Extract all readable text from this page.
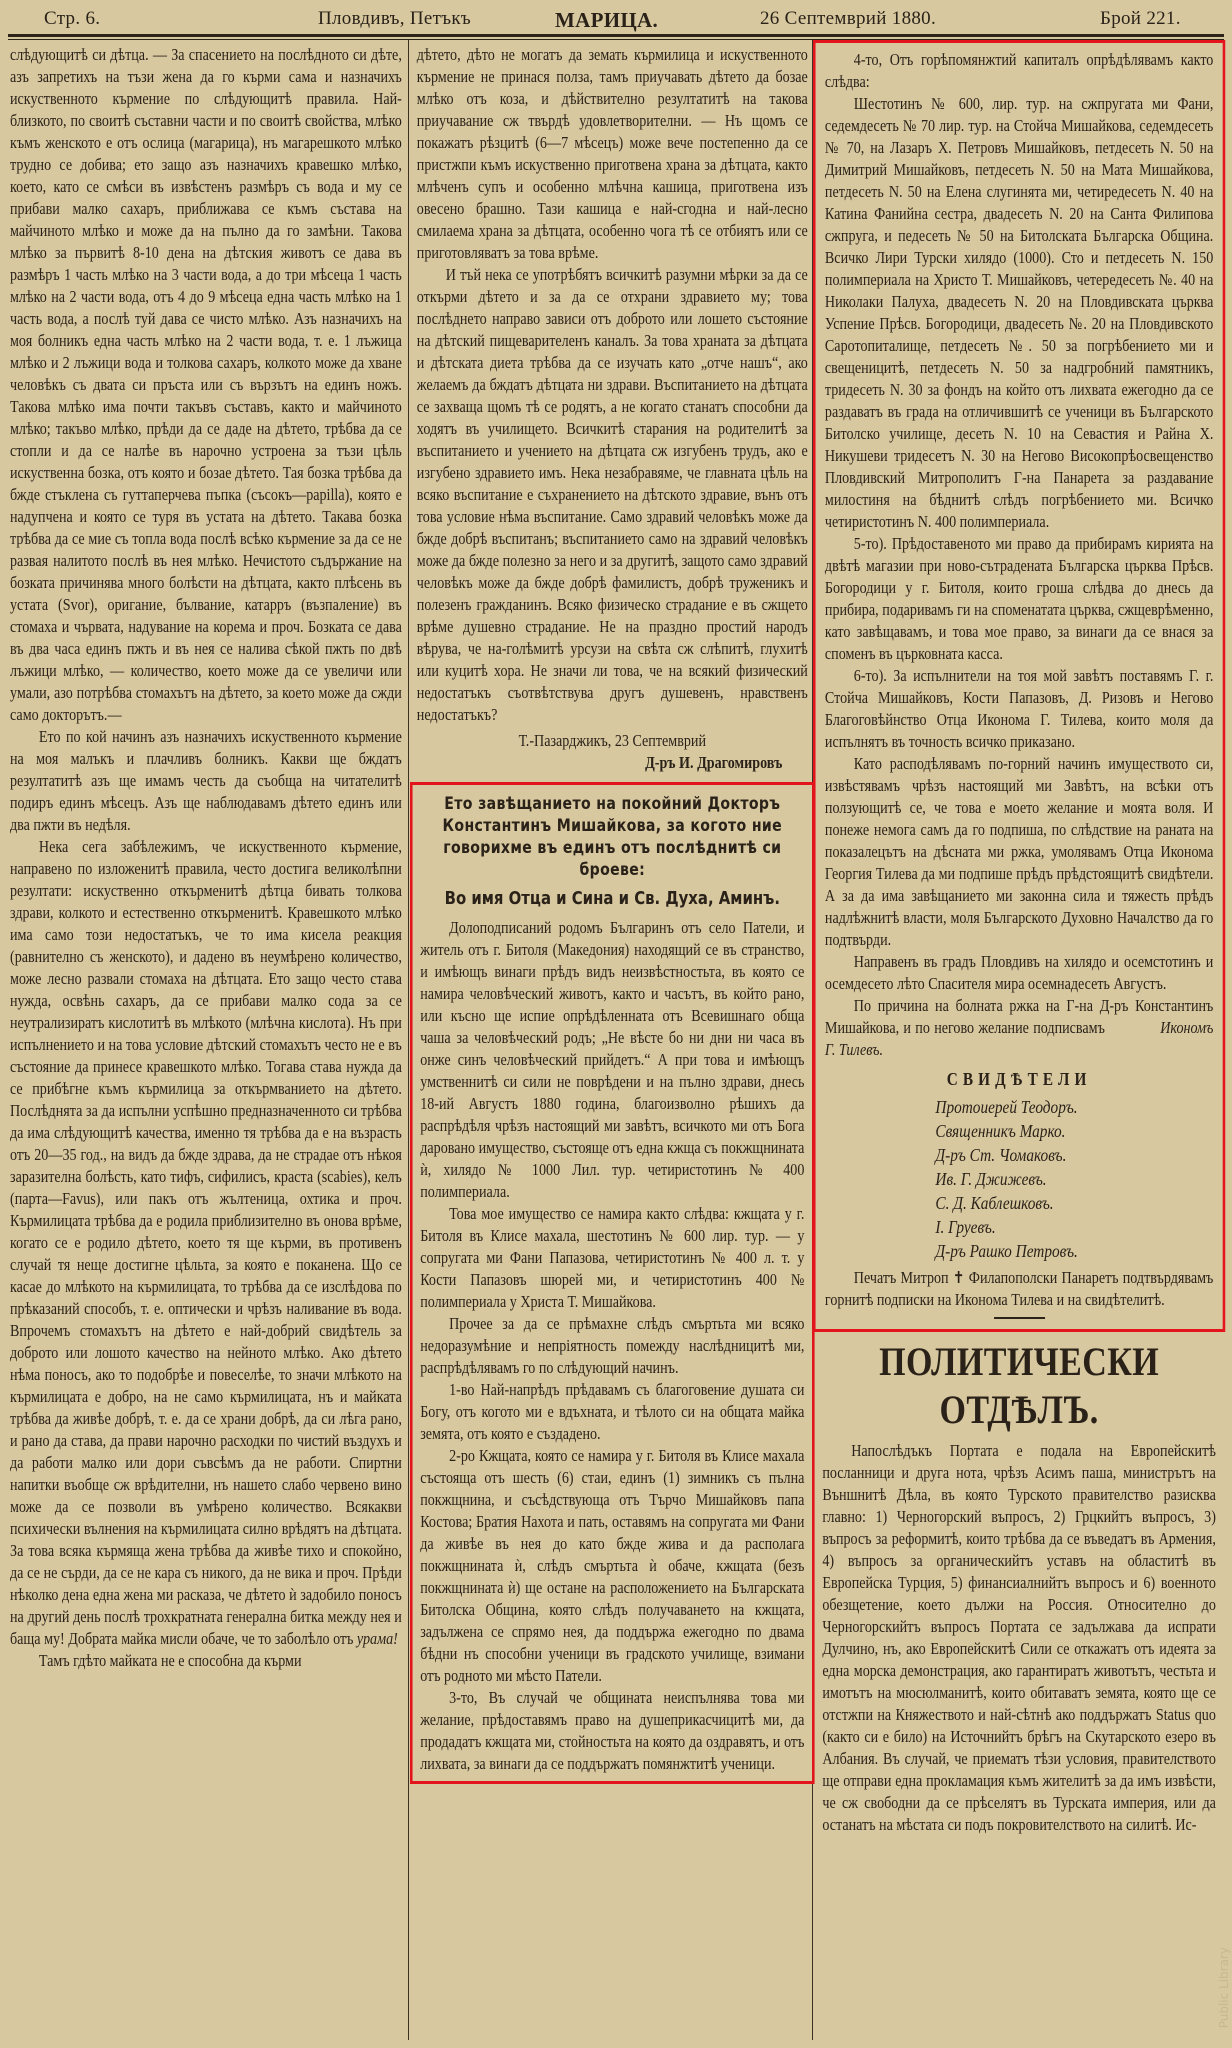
Стр. 6.	Пловдивъ, Петъкъ	МАРИЦА.	26 Септемврий 1880.	Брой 221.

слѣдующитѣ си дѣтца. — За спасението на послѣдното си дѣте, азъ запретихъ на тъзи жена да го кърми сама и назначихъ искуственното кърмение по слѣдующитѣ правила. Най-близкото, по своитѣ съставни части и по своитѣ свойства, млѣко къмъ женското е отъ ослица (магарица), нъ магарешкото млѣко трудно се добива; ето защо азъ назначихъ кравешко млѣко, което, като се смѣси въ извѣстенъ размѣръ съ вода и му се прибави малко сахаръ, приближава се къмъ състава на майчиното млѣко и може да на пълно да го замѣни. Такова млѣко за първитѣ 8-10 дена на дѣтския животъ се дава въ размѣръ 1 часть млѣко на 3 части вода, а до три мѣсеца 1 часть млѣко на 2 части вода, отъ 4 до 9 мѣсеца една часть млѣко на 1 часть вода, а послѣ туй дава се чисто млѣко. Азъ назначихъ на моя болникъ една часть млѣко на 2 части вода, т. е. 1 лъжица млѣко и 2 лъжици вода и толкова сахаръ, колкото може да хване человѣкъ съ двата си пръста или съ вързътъ на единъ ножъ. Такова млѣко има почти такъвъ съставъ, както и майчиното млѣко; такъво млѣко, прѣди да се даде на дѣтето, трѣбва да се стопли и да се налѣе въ нарочно устроена за тъзи цѣль искуственна бозка, отъ която и бозае дѣтето. Тая бозка трѣбва да бжде стъклена съ гуттаперчева пъпка (съсокъ—papilla), която е надупчена и която се туря въ устата на дѣтето. Такава бозка трѣбва да се мие съ топла вода послѣ всѣко кърмение за да се не развая налитото послѣ въ нея млѣко. Нечистото съдържание на бозката причинява много болѣсти на дѣтцата, както плѣсень въ устата (Svor), оригание, бълвание, катарръ (възпаление) въ стомаха и чървата, надувание на корема и проч. Бозката се дава въ два часа единъ пжть и въ нея се налива сѣкой пжть по двѣ лъжици млѣко, — количество, което може да се увеличи или умали, азо потрѣбва стомахътъ на дѣтето, за което може да сжди само докторътъ.—

Ето по кой начинъ азъ назначихъ искуственното кърмение на моя малъкъ и плачливъ болникъ. Какви ще бждатъ резултатитѣ азъ ще имамъ честь да съобща на читателитѣ подиръ единъ мѣсецъ. Азъ ще наблюдавамъ дѣтето единъ или два пжти въ недѣля.

Нека сега забѣлежимъ, че искуственното кърмение, направено по изложенитѣ правила, често достига великолѣпни резултати: искуственно откърменитѣ дѣтца бивать толкова здрави, колкото и естественно откърменитѣ. Кравешкото млѣко има само този недостатъкъ, че то има кисела реакция (равнително съ женското), и дадено въ неумѣрено количество, може лесно развали стомаха на дѣтцата. Ето защо често става нужда, освѣнь сахаръ, да се прибави малко сода за се неутрализиратъ кислотитѣ въ млѣкото (млѣчна кислота). Нъ при испълнението и на това условие дѣтский стомахътъ често не е въ състояние да принесе кравешкото млѣко. Тогава става нужда да се прибѣгне къмъ кърмилица за откърмванието на дѣтето. Послѣднята за да испълни успѣшно предназначенното си трѣбва да има слѣдующитѣ качества, именно тя трѣбва да е на възрасть отъ 20—35 год., на видъ да бжде здрава, да не страдае отъ нѣкоя заразителна болѣсть, като тифъ, сифилисъ, краста (scabies), келъ (парта—Favus), или пакъ отъ жълтеница, охтика и проч. Кърмилицата трѣбва да е родила приблизително въ онова врѣме, когато се е родило дѣтето, което тя ще кърми, въ противенъ случай тя неще достигне цѣльта, за която е поканена. Що се касае до млѣкото на кърмилицата, то трѣбва да се изслѣдова по прѣказаний способъ, т. е. оптически и чрѣзъ наливание въ вода. Впрочемъ стомахътъ на дѣтето е най-добрий свидѣтель за доброто или лошото качество на нейното млѣко. Ако дѣтето нѣма поносъ, ако то подобрѣе и повеселѣе, то значи млѣкото на кърмилицата е добро, на не само кърмилицата, нъ и майката трѣбва да живѣе добрѣ, т. е. да се храни добрѣ, да си лѣга рано, и рано да става, да прави нарочно расходки по чистий въздухъ и да работи малко или дори съвсѣмъ да не работи. Спиртни напитки въобще сж врѣдителни, нъ нашето слабо червено вино може да се позволи въ умѣрено количество. Всякакви психически вълнения на кърмилицата силно врѣдятъ на дѣтцата. За това всяка кърмяща жена трѣбва да живѣе тихо и спокойно, да се не сърди, да се не кара съ никого, да не вика и проч. Прѣди нѣколко дена една жена ми расказа, че дѣтето ѝ задобило поносъ на другий день послѣ трохкратната генерална битка между нея и баща му! Добрата майка мисли обаче, че то заболѣло отъ урама!

Тамъ гдѣто майката не е способна да кърми

дѣтето, дѣто не могатъ да земать кърмилица и искуственното кърмение не принася полза, тамъ приучавать дѣтето да бозае млѣко отъ коза, и дѣйствително резултатитѣ на такова приучавание сж твърдѣ удовлетворителни. — Нъ щомъ се покажатъ рѣзцитѣ (6—7 мѣсецъ) може вече постепенно да се пристжпи къмъ искуственно приготвена храна за дѣтцата, както млѣченъ супъ и особенно млѣчна кашица, приготвена изъ овесено брашно. Тази кашица е най-сгодна и най-лесно смилаема храна за дѣтцата, особенно чога тѣ се отбиятъ или се приготовляватъ за това врѣме.

И тъй нека се употрѣбятъ всичкитѣ разумни мѣрки за да се откърми дѣтето и за да се отхрани здравието му; това послѣднето направо зависи отъ доброто или лошето състояние на дѣтский пищеварителенъ каналъ. За това храната за дѣтцата и дѣтската диета трѣбва да се изучать като „отче нашъ“, ако желаемъ да бждатъ дѣтцата ни здрави. Въспитанието на дѣтцата се захваща щомъ тѣ се родятъ, а не когато станатъ способни да ходятъ въ училището. Всичкитѣ старания на родителитѣ за въспитанието и учението на дѣтцата сж изгубенъ трудъ, ако е изгубено здравието имъ. Нека незабравяме, че главната цѣль на всяко въспитание е съхранението на дѣтското здравие, вънъ отъ това условие нѣма въспитание. Само здравий человѣкъ може да бжде добрѣ въспитанъ; въспитанието само на здравий человѣкъ може да бжде полезно за него и за другитѣ, защото само здравий человѣкъ може да бжде добрѣ фамилистъ, добрѣ труженикъ и полезенъ гражданинъ. Всяко физическо страдание е въ сжщето врѣме душевно страдание. Не на праздно простий народъ вѣрува, че на-голѣмитѣ урсузи на свѣта сж слѣпитѣ, глухитѣ или куцитѣ хора. Не значи ли това, че на всякий физический недостатъкъ съотвѣтствува другъ душевенъ, нравственъ недостатъкъ?

Т.-Пазарджикъ, 23 Септемврий

Д-ръ И. Драгомировъ

Ето завѣщанието на покойний Докторъ Константинъ Мишайкова, за когото ние говорихме въ единъ отъ послѣднитѣ си броеве:
Во имя Отца и Сина и Св. Духа, Аминъ.

Долоподписаний родомъ Българинъ отъ село Патели, и житель отъ г. Битоля (Македония) находящий се въ странство, и имѣющъ винаги прѣдъ видъ неизвѣстностьта, въ която се намира человѣческий животъ, както и часътъ, въ който рано, или късно ще испие опрѣдѣленната отъ Всевишнаго обща чаша за человѣческий родъ; „Не вѣсте бо ни дни ни часа въ онже синъ человѣческий прийдетъ.“ А при това и имѣющъ умственнитѣ си сили не поврѣдени и на пълно здрави, днесь 18-ий Августъ 1880 година, благоизволно рѣшихъ да распрѣдѣля чрѣзъ настоящий ми завѣтъ, всичкото ми отъ Бога дарованo имущество, състояще отъ една кжща съ покжщнината ѝ, хилядо № 1000 Лил. тур. четиристотинъ № 400 полимпериала.

Това мое имущество се намира както слѣдва: кжщата у г. Битоля въ Клисе махала, шестотинъ № 600 лир. тур. — у сопругата ми Фани Папазова, четиристотинъ № 400 л. т. у Кости Папазовъ шюрей ми, и четиристотинъ 400 № полимпериала у Христа Т. Мишайкова.

Прочее за да се прѣмахне слѣдъ смъртьта ми всяко недоразумѣние и непріятность помежду наслѣдницитѣ ми, распрѣдѣлявамъ го по слѣдующий начинъ.

1-во Най-напрѣдъ прѣдавамъ съ благоговение душата си Богу, отъ когото ми е вдъхната, и тѣлото си на общата майка земята, отъ която е създадено.

2-ро Кжщата, която се намира у г. Битоля въ Клисе махала състояща отъ шесть (6) стаи, единъ (1) зимникъ съ пълна покжщнина, и съсѣдствующа отъ Търчо Мишайковъ папа Костова; Братия Нахота и пать, оставямъ на сопругата ми Фани да живѣе въ нея до като бжде жива и да располага покжщнината ѝ, слѣдъ смъртьта ѝ обаче, кжщата (безъ покжщнината ѝ) ще остане на расположението на Българската Битолска Община, която слѣдъ получаването на кжщата, задължена се спрямо нея, да поддържа ежегодно по двама бѣдни нъ способни ученици въ градското училище, взимани отъ родното ми мѣсто Патели.

3-то, Въ случай че общината неиспълнява това ми желание, прѣдоставямъ право на душеприкасчицитѣ ми, да продадатъ кжщата ми, стойностьта на която да оздравятъ, и отъ лихвата, за винаги да се поддържатъ помянжтитѣ ученици.

4-то, Отъ горѣпомянжтий капиталъ опрѣдѣлявамъ както слѣдва:

Шестотинъ № 600, лир. тур. на сжпругата ми Фани, седемдесеть № 70 лир. тур. на Стойча Мишайкова, седемдесеть № 70, на Лазаръ Х. Петровъ Мишайковъ, петдесеть N. 50 на Димитрий Мишайковъ, петдесеть N. 50 на Мата Мишайкова, петдесеть N. 50 на Елена слугинята ми, четиредесеть N. 40 на Катина Фанийна сестра, двадесеть N. 20 на Санта Филипова сжпруга, и педесеть № 50 на Битолската Българска Община. Всичко Лири Турски хилядо (1000). Сто и петдесеть N. 150 полимпериала на Христо Т. Мишайковъ, четередесеть №. 40 на Николаки Палуха, двадесеть N. 20 на Пловдивската църква Успение Прѣсв. Богородици, двадесеть №. 20 на Пловдивското Саротопиталище, петдесеть №. 50 за погрѣбението ми и свещеницитѣ, петдесеть N. 50 за надгробний памятникъ, тридесеть N. 30 за фондъ на който отъ лихвата ежегодно да се раздаватъ въ града на отличившитѣ се ученици въ Българското Битолско училище, десеть N. 10 на Севастия и Райна Х. Никушеви тридесетъ N. 30 на Негово Високопрѣосвещенство Пловдивский Митрополитъ Г-на Панарета за раздавание милостиня на бѣднитѣ слѣдъ погрѣбението ми. Всичко четиристотинъ N. 400 полимпериала.

5-то). Прѣдоставеното ми право да прибирамъ кирията на двѣтѣ магазии при ново-сътрадената Българска църква Прѣсв. Богородици у г. Битоля, които гроша слѣдва до днесь да прибира, подаривамъ ги на споменатата църква, сжщеврѣменно, като завѣщавамъ, и това мое право, за винаги да се внася за споменъ въ църковната касса.

6-то). За испълнители на тоя мой завѣтъ поставямъ Г. г. Стойча Мишайковъ, Кости Папазовъ, Д. Ризовъ и Негово Благоговѣйнство Отца Иконома Г. Тилева, които моля да испълнятъ въ точность всичко приказано.

Като расподѣлявамъ по-горний начинъ имуществото си, извѣстявамъ чрѣзъ настоящий ми Завѣтъ, на всѣки отъ ползующитѣ се, че това е моето желание и моята воля. И понеже немога самъ да го подпиша, по слѣдствие на раната на показалецътъ на дѣсната ми ржка, умолявамъ Отца Иконома Георгия Тилева да ми подпише прѣдъ прѣдстоящитѣ свидѣтели. А за да има завѣщанието ми законна сила и тяжесть прѣдъ надлѣжнитѣ власти, моля Българското Духовно Началство да го подтвърди.

Направенъ въ градъ Пловдивъ на хилядо и осемстотинъ и осемдесето лѣто Спасителя мира осемнадесеть Августъ.

По причина на болната ржка на Г-на Д-ръ Константинъ Мишайкова, и по негово желание подписвамъ	Икономъ Г. Тилевъ.

СВИДѢТЕЛИ
Протоиерей Теодоръ.
Священникъ Марко.
Д-ръ Ст. Чомаковъ.
Ив. Г. Джижевъ.
С. Д. Каблешковъ.
I. Груевъ.
Д-ръ Рашко Петровъ.

Печатъ Митроп ✝ Филапополски Панаретъ подтвърдявамъ горнитѣ подписки на Иконома Тилева и на свидѣтелитѣ.

ПОЛИТИЧЕСКИ ОТДѢЛЪ.

Напослѣдъкъ Портата е подала на Европейскитѣ посланници и друга нота, чрѣзъ Асимъ паша, министрътъ на Външнитѣ Дѣла, въ която Турското правителство разисква главно: 1) Черногорский въпросъ, 2) Грцкийтъ въпросъ, 3) въпросъ за реформитѣ, които трѣбва да се въведатъ въ Армения, 4) въпросъ за органическийтъ уставъ на областитѣ въ Европейска Турция, 5) финансиалнийтъ въпросъ и 6) военното обезщетение, което дължи на Россия. Относително до Черногорскийтъ въпросъ Портата се задължава да испрати Дулчино, нъ, ако Европейскитѣ Сили се откажатъ отъ идеята за една морска демонстрация, ако гарантиратъ животътъ, честьта и имотътъ на мюсюлманитѣ, които обитаватъ земята, която ще се отстжпи на Княжеството и най-сѣтнѣ ако поддържатъ Status quo (както си е било) на Источнийтъ брѣгъ на Скутарското езеро въ Албания. Въ случай, че приематъ тѣзи условия, правителството ще отправи една прокламация къмъ жителитѣ за да имъ извѣсти, че сж свободни да се прѣселятъ въ Турската империя, или да останатъ на мѣстата си подъ покровителството на силитѣ. Ис-

Public Library
